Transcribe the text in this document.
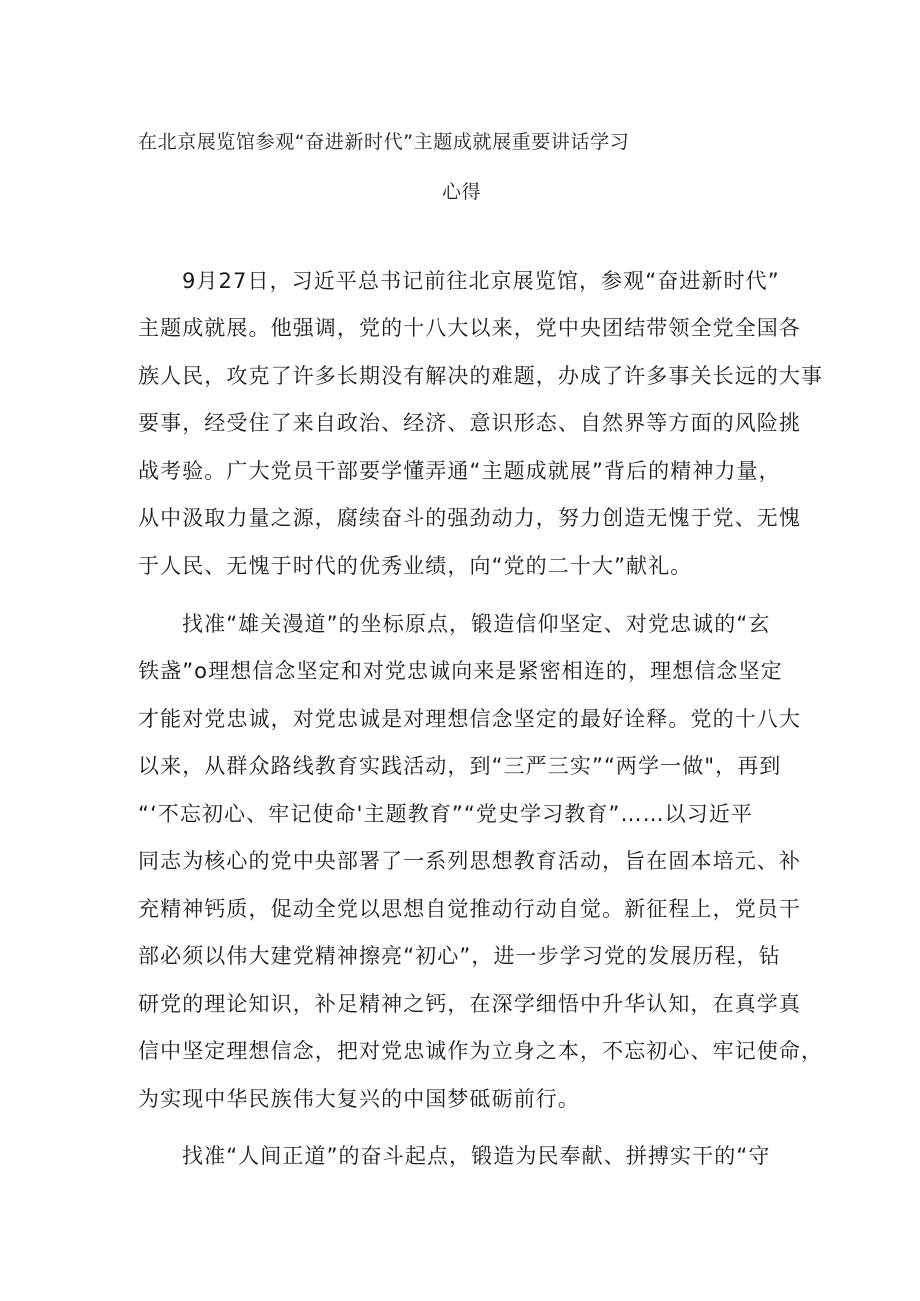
在北京展览馆参观“奋进新时代”主题成就展重要讲话学习
心得
9月27日，习近平总书记前往北京展览馆，参观“奋进新时代”
主题成就展。他强调，党的十八大以来，党中央团结带领全党全国各
族人民，攻克了许多长期没有解决的难题，办成了许多事关长远的大事
要事，经受住了来自政治、经济、意识形态、自然界等方面的风险挑
战考验。广大党员干部要学懂弄通“主题成就展”背后的精神力量，
从中汲取力量之源，腐续奋斗的强劲动力，努力创造无愧于党、无愧
于人民、无愧于时代的优秀业绩，向“党的二十大”献礼。
找准“雄关漫道”的坐标原点，锻造信仰坚定、对党忠诚的“玄
铁盏”o理想信念坚定和对党忠诚向来是紧密相连的，理想信念坚定
才能对党忠诚，对党忠诚是对理想信念坚定的最好诠释。党的十八大
以来，从群众路线教育实践活动，到“三严三实”“两学一做"，再到
“‘不忘初心、牢记使命'主题教育”“党史学习教育”……以习近平
同志为核心的党中央部署了一系列思想教育活动，旨在固本培元、补
充精神钙质，促动全党以思想自觉推动行动自觉。新征程上，党员干
部必须以伟大建党精神擦亮“初心”，进一步学习党的发展历程，钻
研党的理论知识，补足精神之钙，在深学细悟中升华认知，在真学真
信中坚定理想信念，把对党忠诚作为立身之本，不忘初心、牢记使命，
为实现中华民族伟大复兴的中国梦砥砺前行。
找准“人间正道”的奋斗起点，锻造为民奉献、拼搏实干的“守
